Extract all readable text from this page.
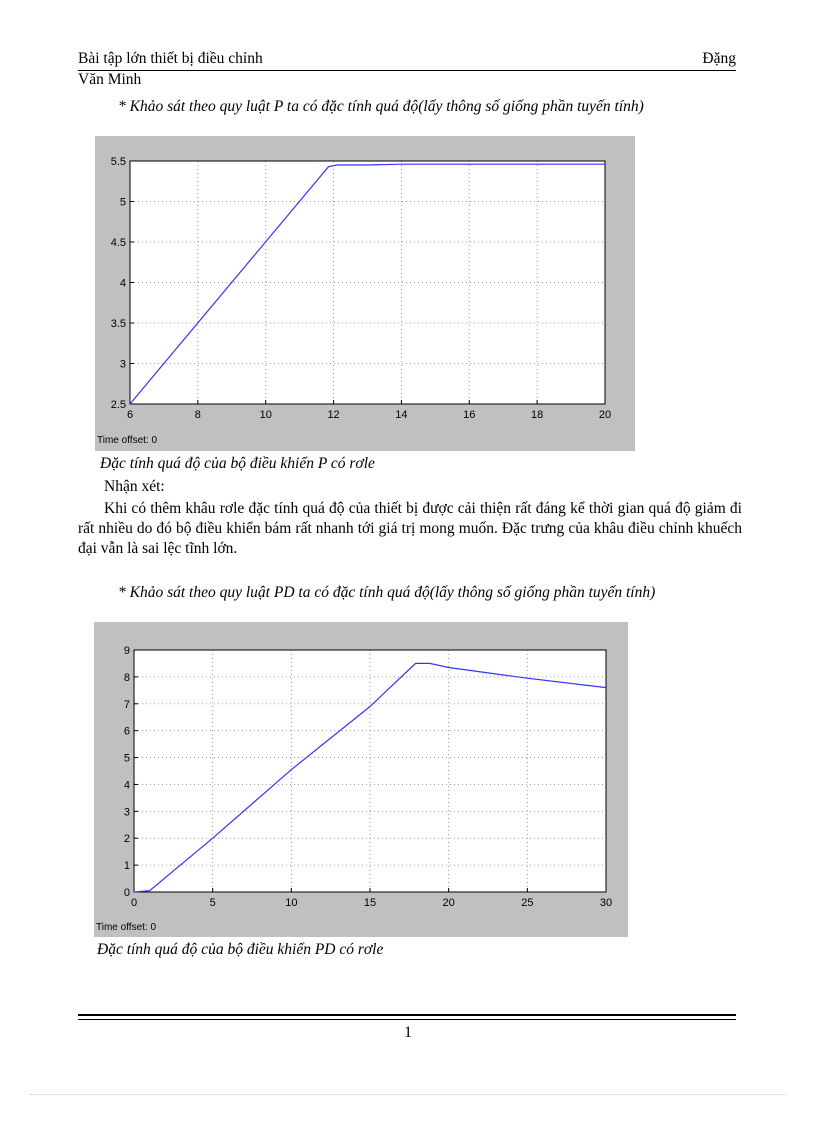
Bài tập lớn thiết bị điều chỉnh	Đặng
Văn Minh

* Khảo sát theo quy luật P ta có đặc tính quá độ(lấy thông số giống phần tuyến tính)

6	8	10	12	14	16	18	20
2.5
3
3.5
4
4.5
5
5.5
Time offset: 0
Đặc tính quá độ của bộ điều khiển P có rơle

Nhận xét:

Khi có thêm khâu rơle đặc tính quá độ của thiết bị được cải thiện rất đáng kể thời gian quá độ giảm đi rất nhiều do đó bộ điều khiển bám rất nhanh tới giá trị mong muốn. Đặc trưng của khâu điều chỉnh khuếch đại vẫn là sai lệc tĩnh lớn.

* Khảo sát theo quy luật PD ta có đặc tính quá độ(lấy thông số giống phần tuyến tính)

0	5	10	15	20	25	30
0
1
2
3
4
5
6
7
8
9
Time offset: 0
Đặc tính quá độ của bộ điều khiển PD có rơle
1
